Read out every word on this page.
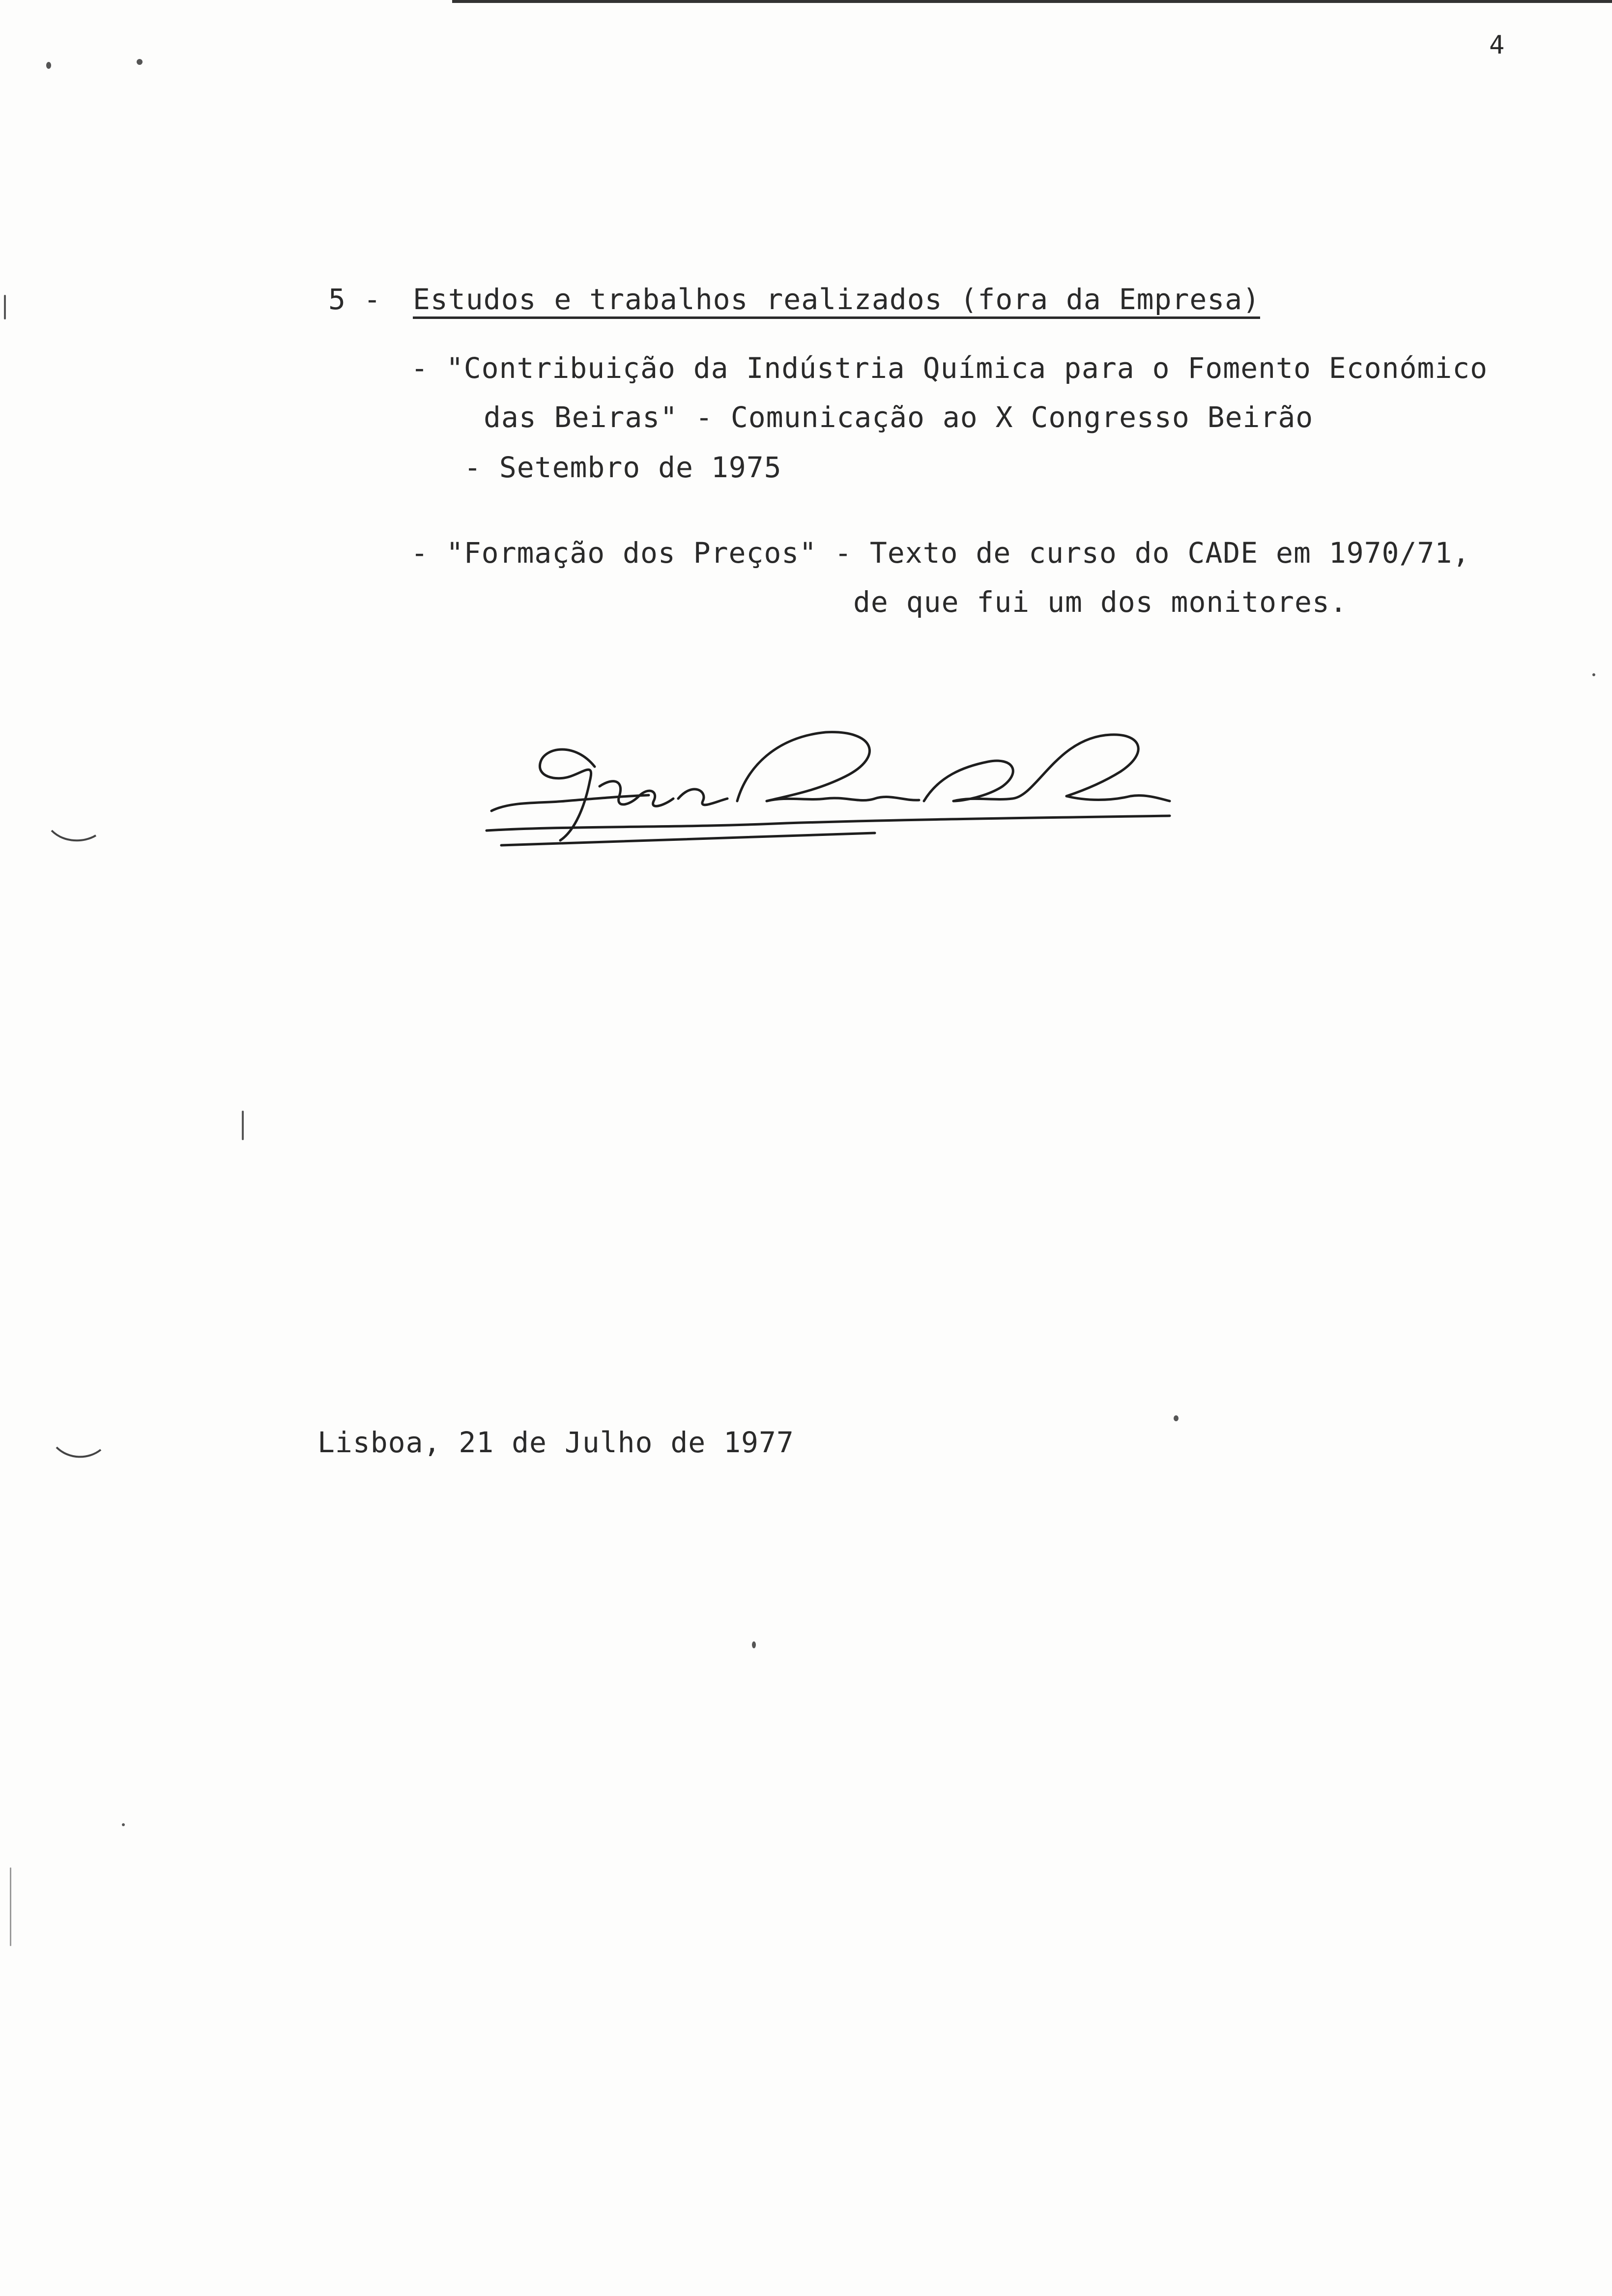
4
5 - Estudos e trabalhos realizados (fora da Empresa)
- "Contribuição da Indústria Química para o Fomento Económico
das Beiras" - Comunicação ao X Congresso Beirão
- Setembro de 1975
- "Formação dos Preços" - Texto de curso do CADE em 1970/71,
de que fui um dos monitores.
Lisboa, 21 de Julho de 1977
